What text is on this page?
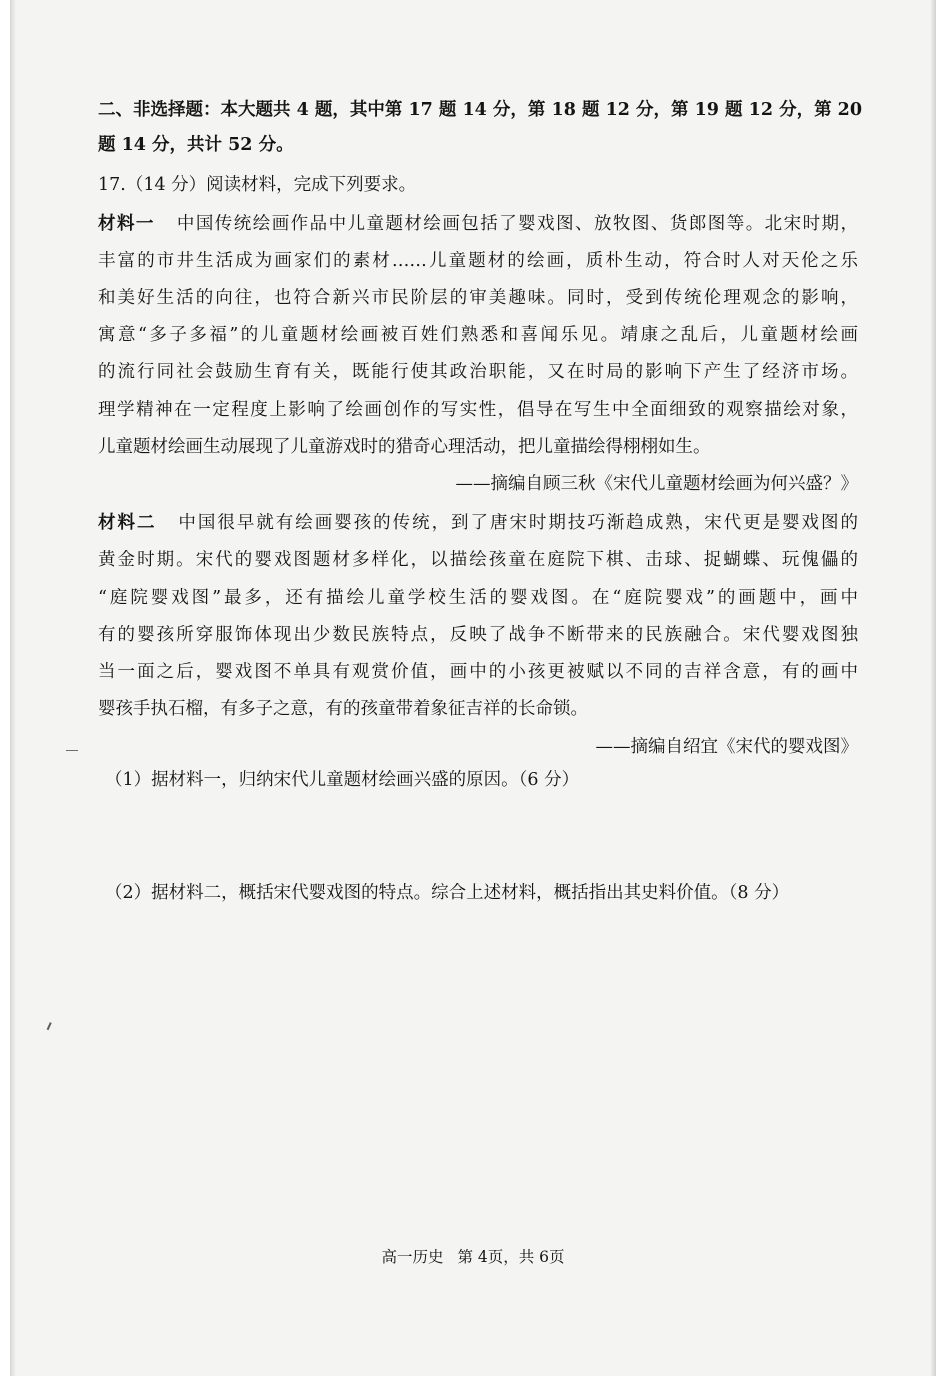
二、非选择题：本大题共 4 题，其中第 17 题 14 分，第 18 题 12 分，第 19 题 12 分，第 20
题 14 分，共计 52 分。
17.（14 分）阅读材料，完成下列要求。
材料一 中国传统绘画作品中儿童题材绘画包括了婴戏图、放牧图、货郎图等。北宋时期，
丰富的市井生活成为画家们的素材……儿童题材的绘画，质朴生动，符合时人对天伦之乐
和美好生活的向往，也符合新兴市民阶层的审美趣味。同时，受到传统伦理观念的影响，
寓意“多子多福”的儿童题材绘画被百姓们熟悉和喜闻乐见。靖康之乱后，儿童题材绘画
的流行同社会鼓励生育有关，既能行使其政治职能，又在时局的影响下产生了经济市场。
理学精神在一定程度上影响了绘画创作的写实性，倡导在写生中全面细致的观察描绘对象，
儿童题材绘画生动展现了儿童游戏时的猎奇心理活动，把儿童描绘得栩栩如生。
——摘编自顾三秋《宋代儿童题材绘画为何兴盛？》
材料二 中国很早就有绘画婴孩的传统，到了唐宋时期技巧渐趋成熟，宋代更是婴戏图的
黄金时期。宋代的婴戏图题材多样化，以描绘孩童在庭院下棋、击球、捉蝴蝶、玩傀儡的
“庭院婴戏图”最多，还有描绘儿童学校生活的婴戏图。在“庭院婴戏”的画题中，画中
有的婴孩所穿服饰体现出少数民族特点，反映了战争不断带来的民族融合。宋代婴戏图独
当一面之后，婴戏图不单具有观赏价值，画中的小孩更被赋以不同的吉祥含意，有的画中
婴孩手执石榴，有多子之意，有的孩童带着象征吉祥的长命锁。
——摘编自绍宜《宋代的婴戏图》
（1）据材料一，归纳宋代儿童题材绘画兴盛的原因。（6 分）
（2）据材料二，概括宋代婴戏图的特点。综合上述材料，概括指出其史料价值。（8 分）
高一历史 第 4页，共 6页
